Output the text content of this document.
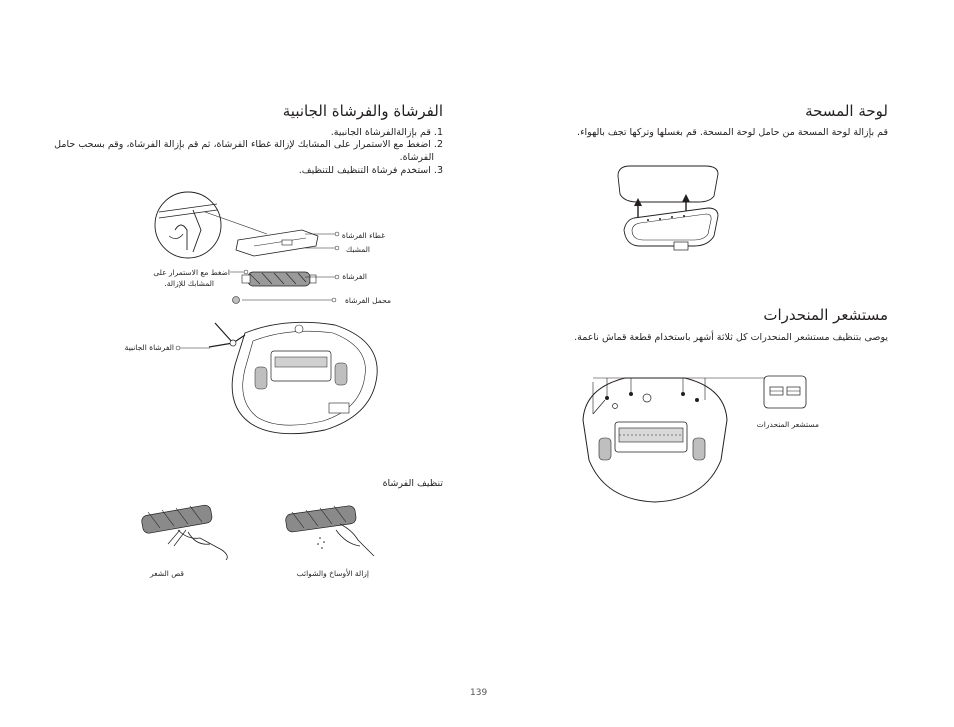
لوحة المسحة
قم بإزالة لوحة المسحة من حامل لوحة المسحة. قم بغسلها وتركها تجف بالهواء.
مستشعر المنحدرات
يوصى بتنظيف مستشعر المنحدرات كل ثلاثة أشهر باستخدام قطعة قماش ناعمة.
مستشعر المنحدرات
الفرشاة والفرشاة الجانبية
1. قم بإزالةالفرشاة الجانبية.
2. اضغط مع الاستمرار على المشابك لإزالة غطاء الفرشاة، ثم قم بإزالة الفرشاة، وقم بسحب حامل
الفرشاة.
3. استخدم فرشاة التنظيف للتنظيف.
غطاء الفرشاة
المشبك
الفرشاة
اضغط مع الاستمرار على
المشابك للإزالة.
محمل الفرشاة
الفرشاة الجانبية
تنظيف الفرشاة
قص الشعر	إزالة الأوساخ والشوائب
139
